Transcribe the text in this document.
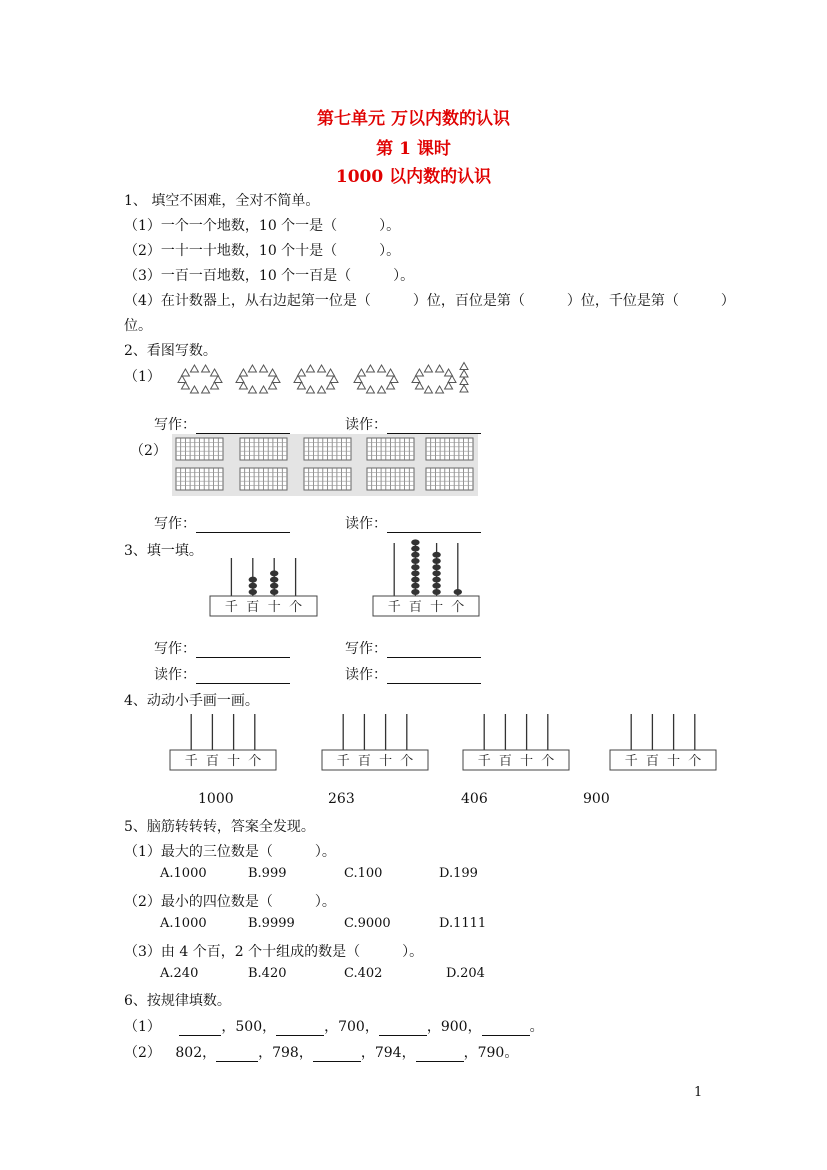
第七单元 万以内数的认识
第 1 课时
1000 以内数的认识
1、 填空不困难，全对不简单。
（1）一个一个地数，10 个一是（　　　）。
（2）一十一十地数，10 个十是（　　　）。
（3）一百一百地数，10 个一百是（　　　）。
（4）在计数器上，从右边起第一位是（　　　）位，百位是第（　　　）位，千位是第（　　　）
位。
2、看图写数。
（1）
写作：	读作：
（2）
写作：	读作：
3、填一填。
千 百 十 个	千 百 十 个
写作：	写作：
读作：	读作：
4、动动小手画一画。
千 百 十 个	千 百 十 个	千 百 十 个	千 百 十 个
1000	263	406	900
5、脑筋转转转，答案全发现。
（1）最大的三位数是（　　　）。
A.1000	B.999	C.100	D.199
（2）最小的四位数是（　　　）。
A.1000	B.9999	C.9000	D.1111
（3）由 4 个百，2 个十组成的数是（　　　）。
A.240	B.420	C.402	D.204
6、按规律填数。
（1）	，500，	，700，	，900，	。
（2） 802，	，798，	，794，	，790。
1
